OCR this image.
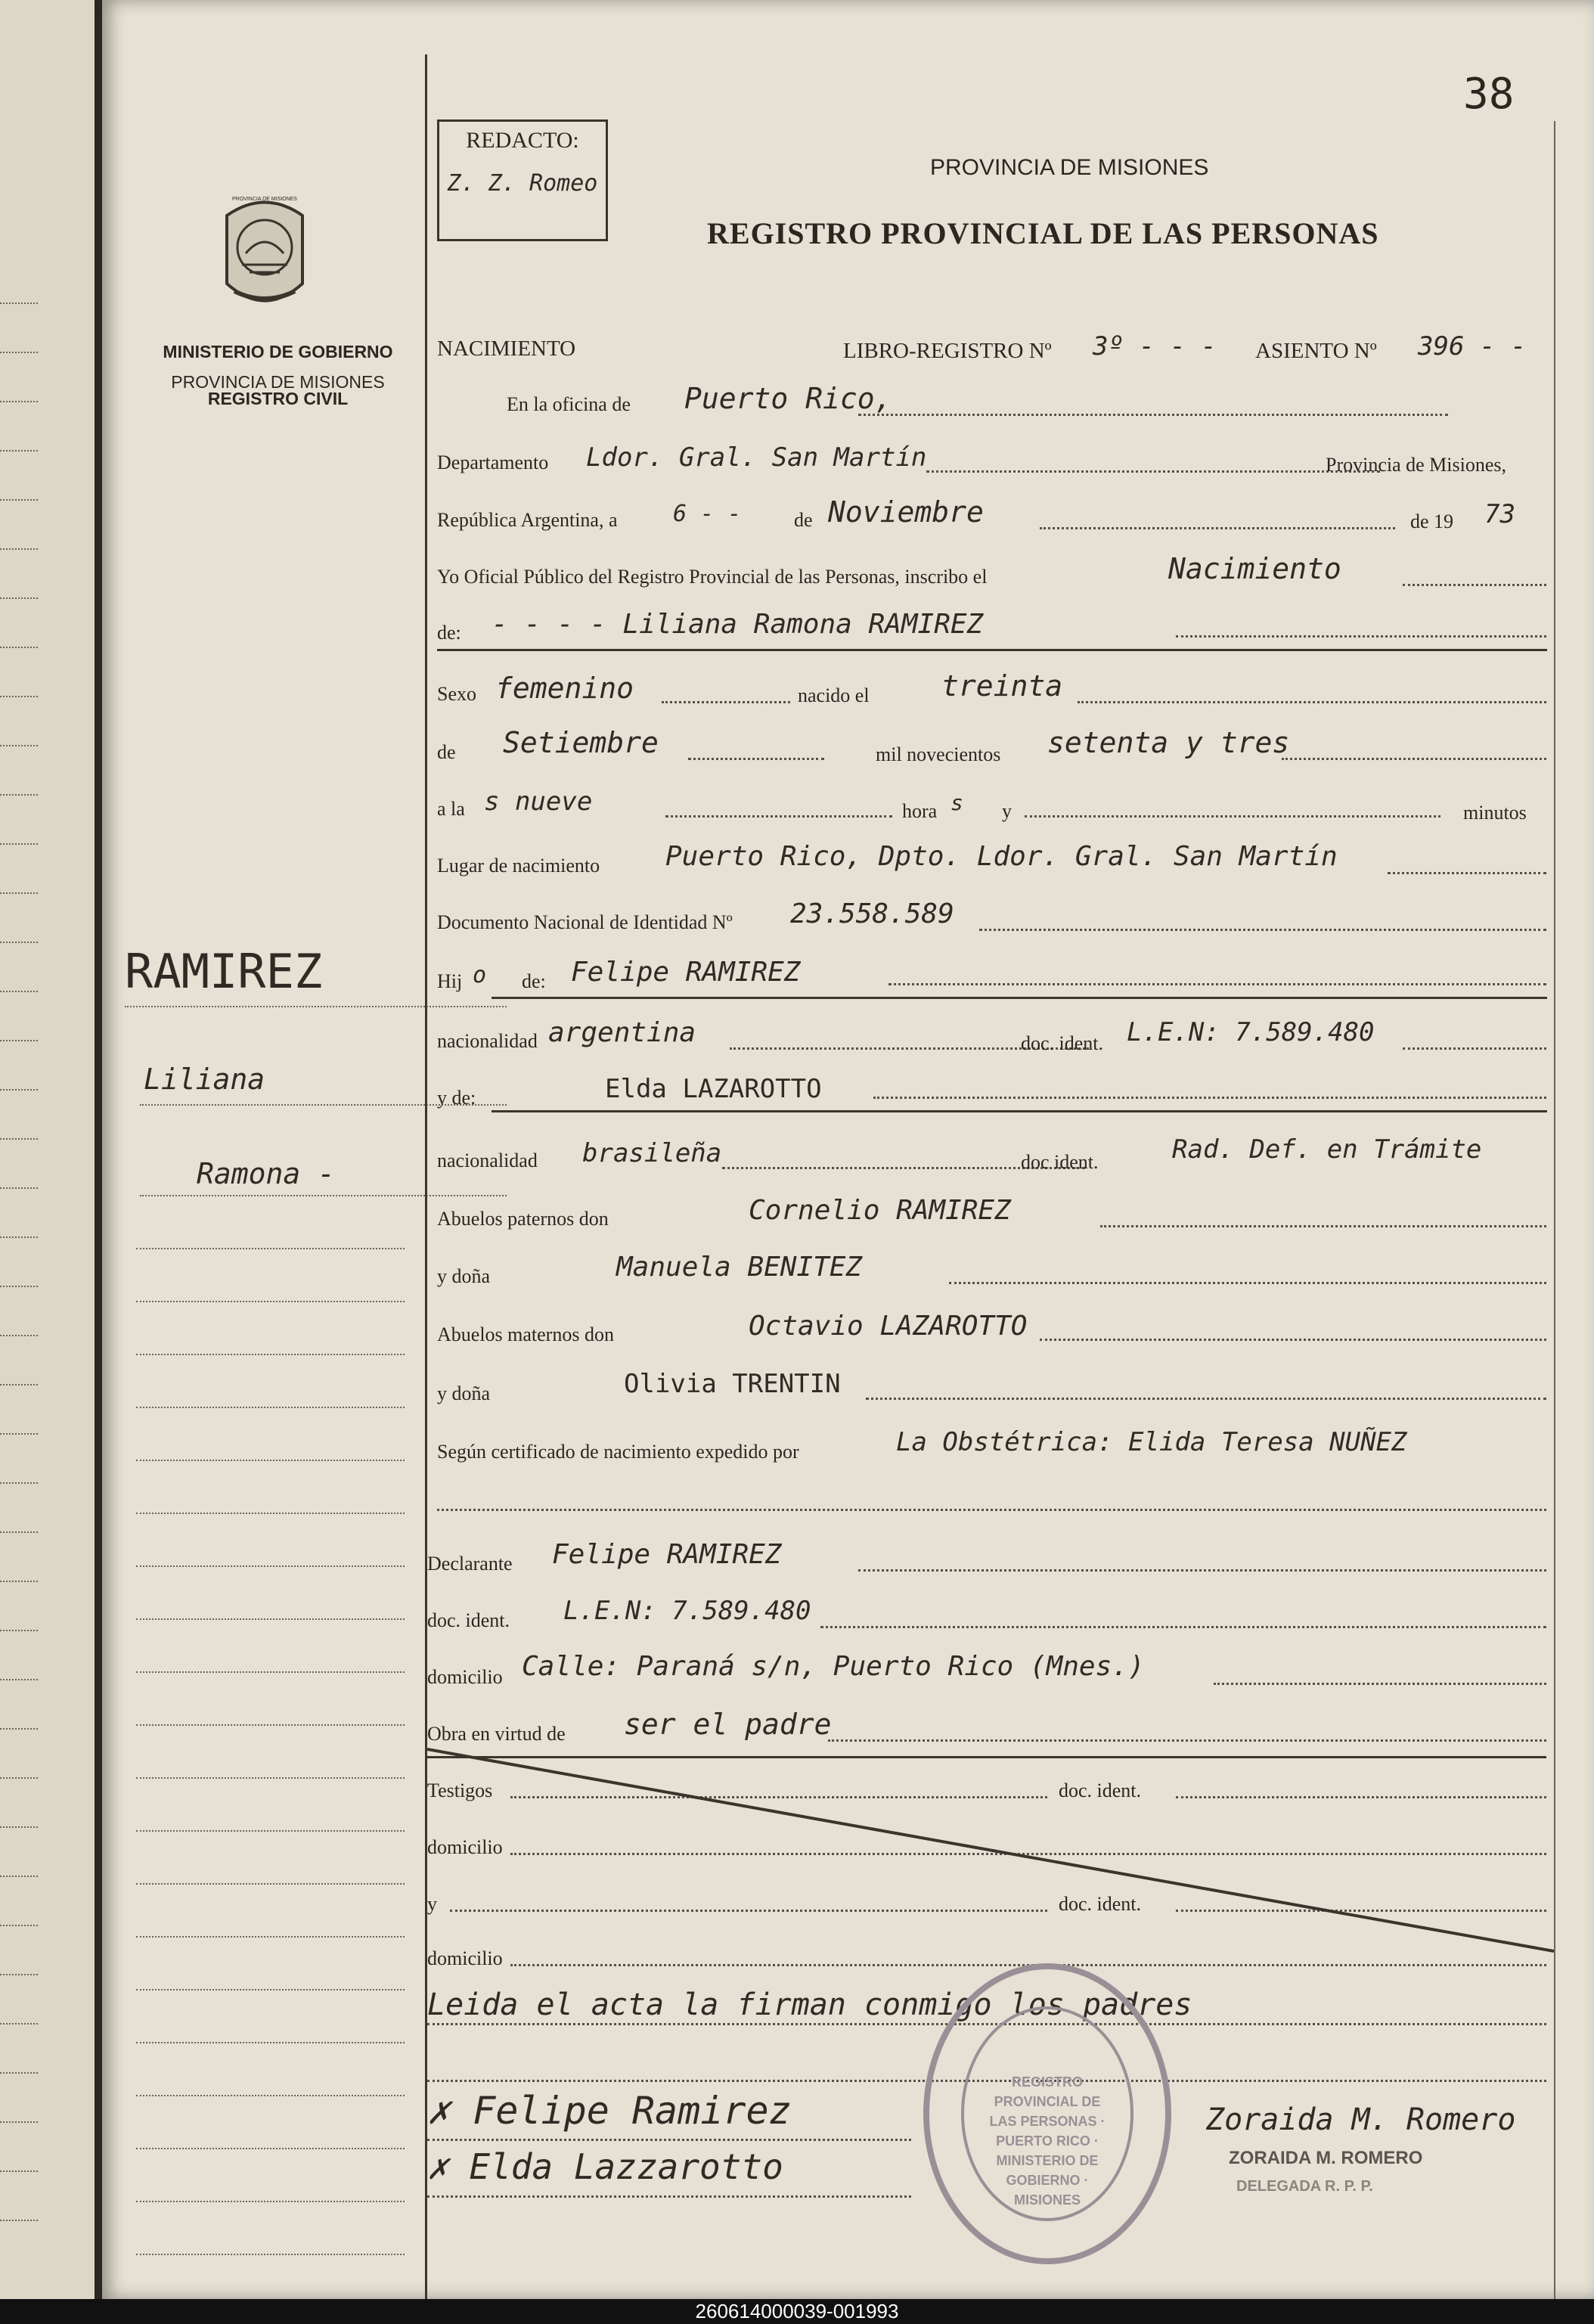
38
REDACTO:
Z. Z. Romeo
PROVINCIA DE MISIONES
REGISTRO PROVINCIAL DE LAS PERSONAS
PROVINCIA DE MISIONES
MINISTERIO DE GOBIERNO
PROVINCIA DE MISIONES
REGISTRO CIVIL
RAMIREZ
Liliana
Ramona -
NACIMIENTO	LIBRO-REGISTRO Nº 3º - - - ASIENTO Nº 396 - -
En la oficina de Puerto Rico,
Departamento Ldor. Gral. San Martín	Provincia de Misiones,
República Argentina, a 6 - -	de Noviembre	de 19 73
Yo Oficial Público del Registro Provincial de las Personas, inscribo el	Nacimiento
de: - - - - Liliana Ramona RAMIREZ
Sexo femenino	nacido el	treinta
de Setiembre	mil novecientos setenta y tres
a la s nueve	hora s y	minutos
Lugar de nacimiento Puerto Rico, Dpto. Ldor. Gral. San Martín
Documento Nacional de Identidad Nº 23.558.589
Hij o de: Felipe RAMIREZ
nacionalidad argentina	doc. ident. L.E.N: 7.589.480
y de:	Elda LAZAROTTO
nacionalidad brasileña	doc ident.	Rad. Def. en Trámite
Abuelos paternos don	Cornelio RAMIREZ
y doña	Manuela BENITEZ
Abuelos maternos don	Octavio LAZAROTTO
y doña	Olivia TRENTIN
Según certificado de nacimiento expedido por	La Obstétrica: Elida Teresa NUÑEZ
Declarante Felipe RAMIREZ
doc. ident. L.E.N: 7.589.480
domicilio Calle: Paraná s/n, Puerto Rico (Mnes.)
Obra en virtud de ser el padre
Testigos	doc. ident.
domicilio
y	doc. ident.
domicilio
Leida el acta la firman conmigo los padres
REGISTRO PROVINCIAL DE LAS PERSONAS · PUERTO RICO · MINISTERIO DE GOBIERNO · MISIONES
✗ Felipe Ramirez
✗ Elda Lazzarotto
Zoraida M. Romero
ZORAIDA M. ROMERO
DELEGADA R. P. P.
260614000039-001993
